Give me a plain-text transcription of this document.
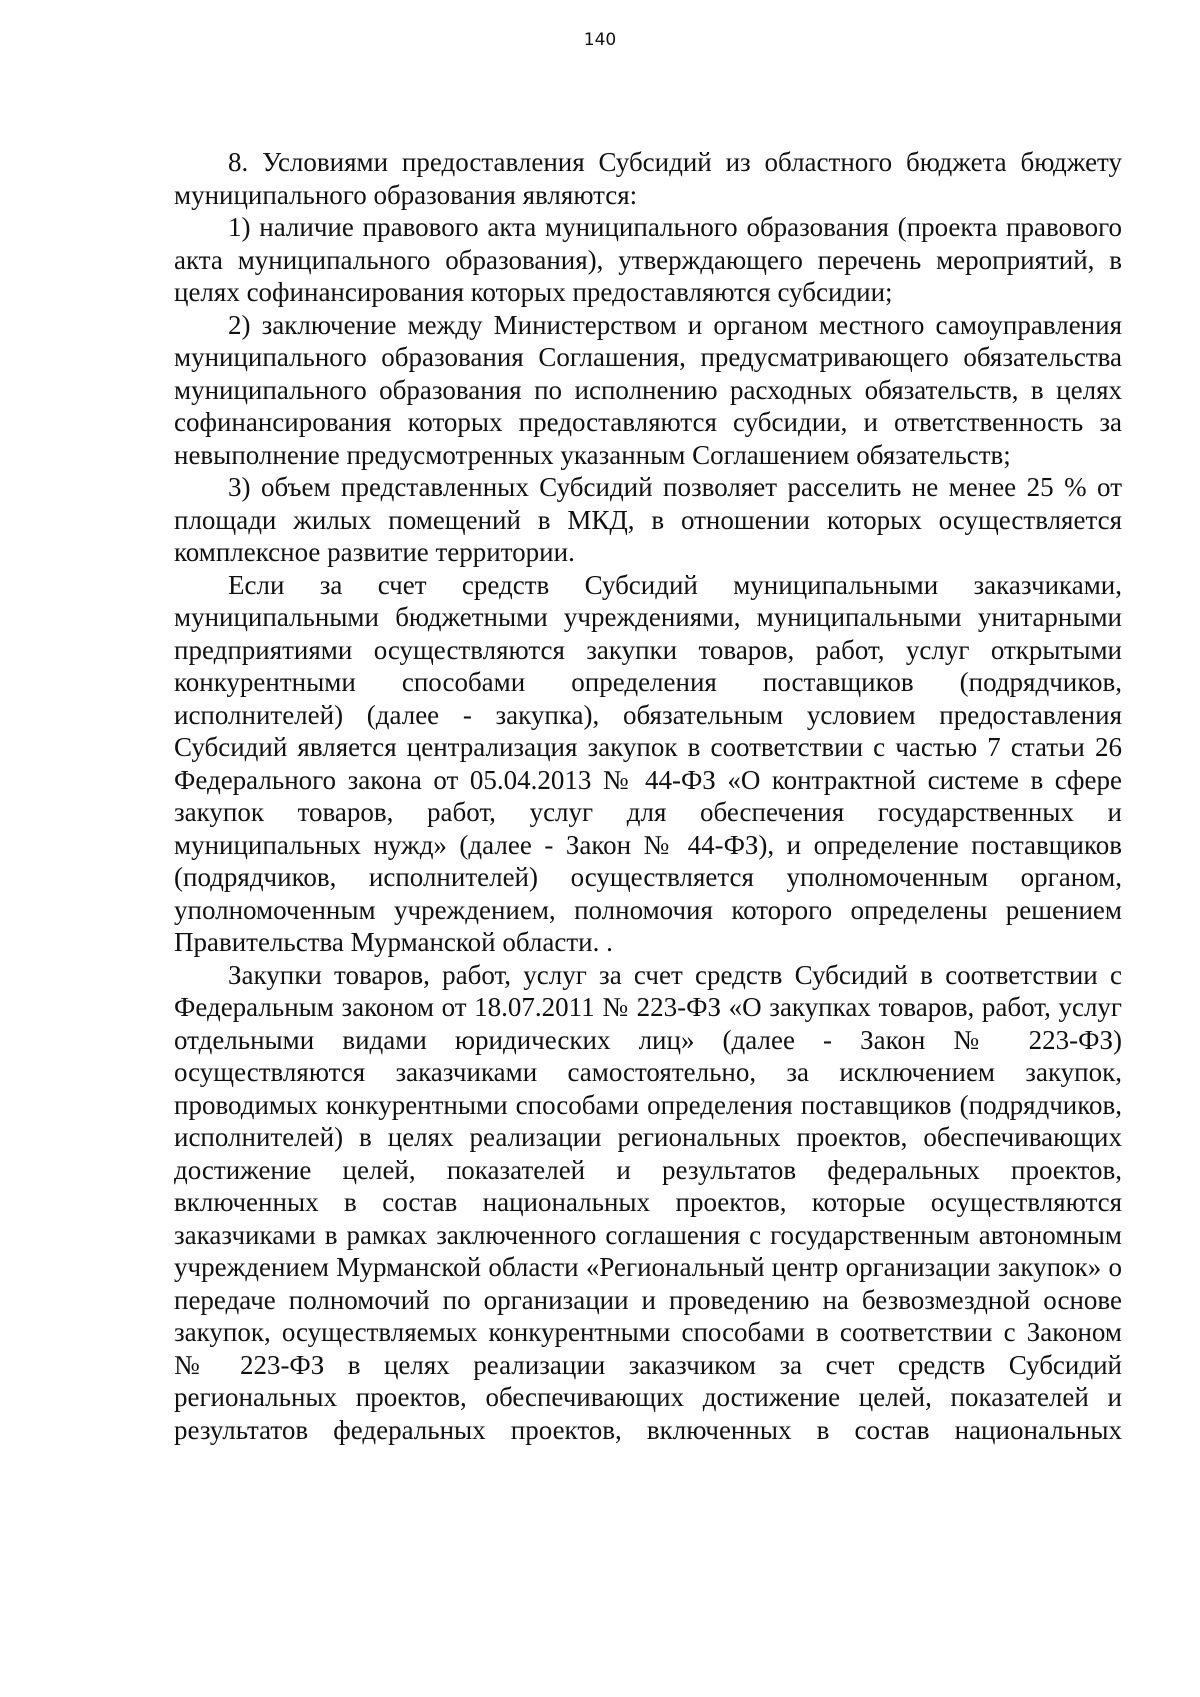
140

8. Условиями предоставления Субсидий из областного бюджета бюджету муниципального образования являются:

1) наличие правового акта муниципального образования (проекта правового акта муниципального образования), утверждающего перечень мероприятий, в целях софинансирования которых предоставляются субсидии;

2) заключение между Министерством и органом местного самоуправления муниципального образования Соглашения, предусматривающего обязательства муниципального образования по исполнению расходных обязательств, в целях софинансирования которых предоставляются субсидии, и ответственность за невыполнение предусмотренных указанным Соглашением обязательств;

3) объем представленных Субсидий позволяет расселить не менее 25 % от площади жилых помещений в МКД, в отношении которых осуществляется комплексное развитие территории.

Если за счет средств Субсидий муниципальными заказчиками, муниципальными бюджетными учреждениями, муниципальными унитарными предприятиями осуществляются закупки товаров, работ, услуг открытыми конкурентными способами определения поставщиков (подрядчиков, исполнителей) (далее - закупка), обязательным условием предоставления Субсидий является централизация закупок в соответствии с частью 7 статьи 26 Федерального закона от 05.04.2013 № 44-ФЗ «О контрактной системе в сфере закупок товаров, работ, услуг для обеспечения государственных и муниципальных нужд» (далее - Закон № 44-ФЗ), и определение поставщиков (подрядчиков, исполнителей) осуществляется уполномоченным органом, уполномоченным учреждением, полномочия которого определены решением Правительства Мурманской области. .

Закупки товаров, работ, услуг за счет средств Субсидий в соответствии с Федеральным законом от 18.07.2011 № 223-ФЗ «О закупках товаров, работ, услуг отдельными видами юридических лиц» (далее - Закон № 223-ФЗ) осуществляются заказчиками самостоятельно, за исключением закупок, проводимых конкурентными способами определения поставщиков (подрядчиков, исполнителей) в целях реализации региональных проектов, обеспечивающих достижение целей, показателей и результатов федеральных проектов, включенных в состав национальных проектов, которые осуществляются заказчиками в рамках заключенного соглашения с государственным автономным учреждением Мурманской области «Региональный центр организации закупок» о передаче полномочий по организации и проведению на безвозмездной основе закупок, осуществляемых конкурентными способами в соответствии с Законом № 223-ФЗ в целях реализации заказчиком за счет средств Субсидий региональных проектов, обеспечивающих достижение целей, показателей и результатов федеральных проектов, включенных в состав национальных
